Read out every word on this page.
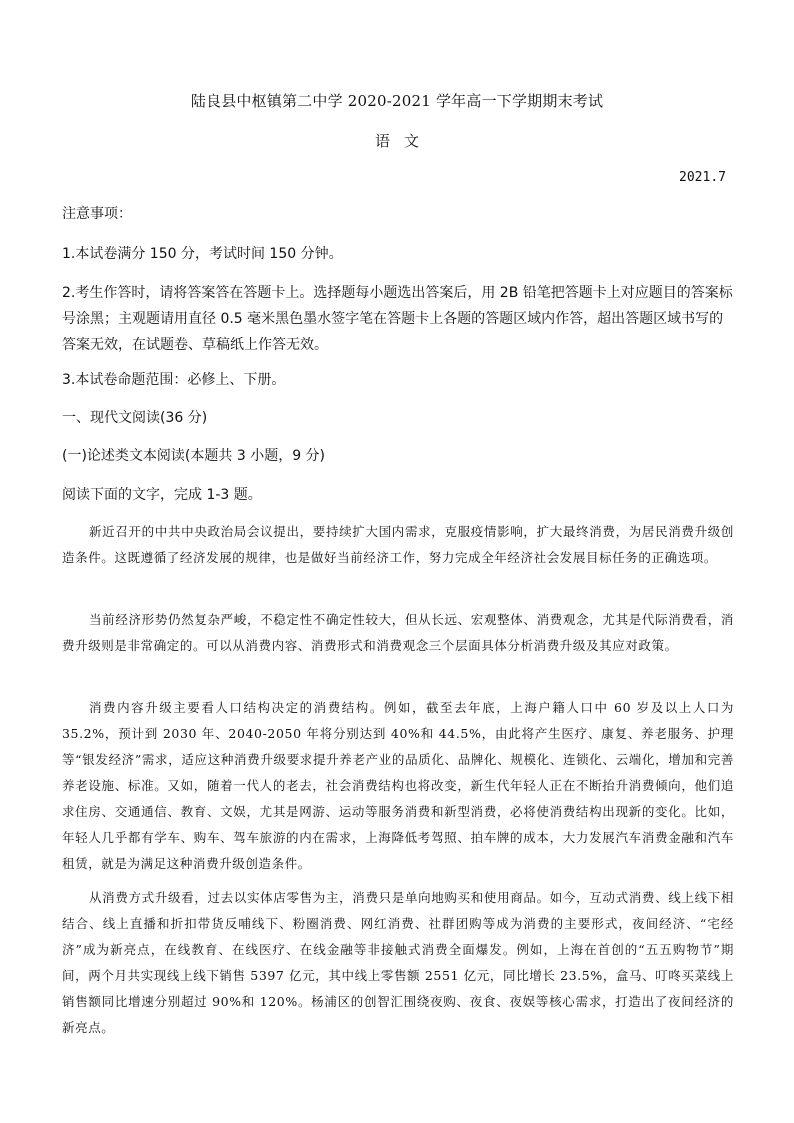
陆良县中枢镇第二中学 2020-2021 学年高一下学期期末考试
语文
2021.7
注意事项：
1.本试卷满分 150 分，考试时间 150 分钟。
2.考生作答时，请将答案答在答题卡上。选择题每小题选出答案后，用 2B 铅笔把答题卡上对应题目的答案标号涂黑；主观题请用直径 0.5 毫米黑色墨水签字笔在答题卡上各题的答题区域内作答，超出答题区域书写的答案无效，在试题卷、草稿纸上作答无效。
3.本试卷命题范围：必修上、下册。
一、现代文阅读(36 分)
(一)论述类文本阅读(本题共 3 小题，9 分)
阅读下面的文字，完成 1-3 题。
新近召开的中共中央政治局会议提出，要持续扩大国内需求，克服疫情影响，扩大最终消费，为居民消费升级创造条件。这既遵循了经济发展的规律，也是做好当前经济工作，努力完成全年经济社会发展目标任务的正确选项。
当前经济形势仍然复杂严峻，不稳定性不确定性较大，但从长远、宏观整体、消费观念，尤其是代际消费看，消费升级则是非常确定的。可以从消费内容、消费形式和消费观念三个层面具体分析消费升级及其应对政策。
消费内容升级主要看人口结构决定的消费结构。例如，截至去年底，上海户籍人口中 60 岁及以上人口为 35.2%，预计到 2030 年、2040-2050 年将分别达到 40%和 44.5%，由此将产生医疗、康复、养老服务、护理等“银发经济”需求，适应这种消费升级要求提升养老产业的品质化、品牌化、规模化、连锁化、云端化，增加和完善养老设施、标准。又如，随着一代人的老去，社会消费结构也将改变，新生代年轻人正在不断抬升消费倾向，他们追求住房、交通通信、教育、文娱，尤其是网游、运动等服务消费和新型消费，必将使消费结构出现新的变化。比如，年轻人几乎都有学车、购车、驾车旅游的内在需求，上海降低考驾照、拍车牌的成本，大力发展汽车消费金融和汽车租赁，就是为满足这种消费升级创造条件。
从消费方式升级看，过去以实体店零售为主，消费只是单向地购买和使用商品。如今，互动式消费、线上线下相结合、线上直播和折扣带货反哺线下、粉圈消费、网红消费、社群团购等成为消费的主要形式，夜间经济、“宅经济”成为新亮点，在线教育、在线医疗、在线金融等非接触式消费全面爆发。例如，上海在首创的“五五购物节”期间，两个月共实现线上线下销售 5397 亿元，其中线上零售额 2551 亿元，同比增长 23.5%，盒马、叮咚买菜线上销售额同比增速分别超过 90%和 120%。杨浦区的创智汇围绕夜购、夜食、夜娱等核心需求，打造出了夜间经济的新亮点。
